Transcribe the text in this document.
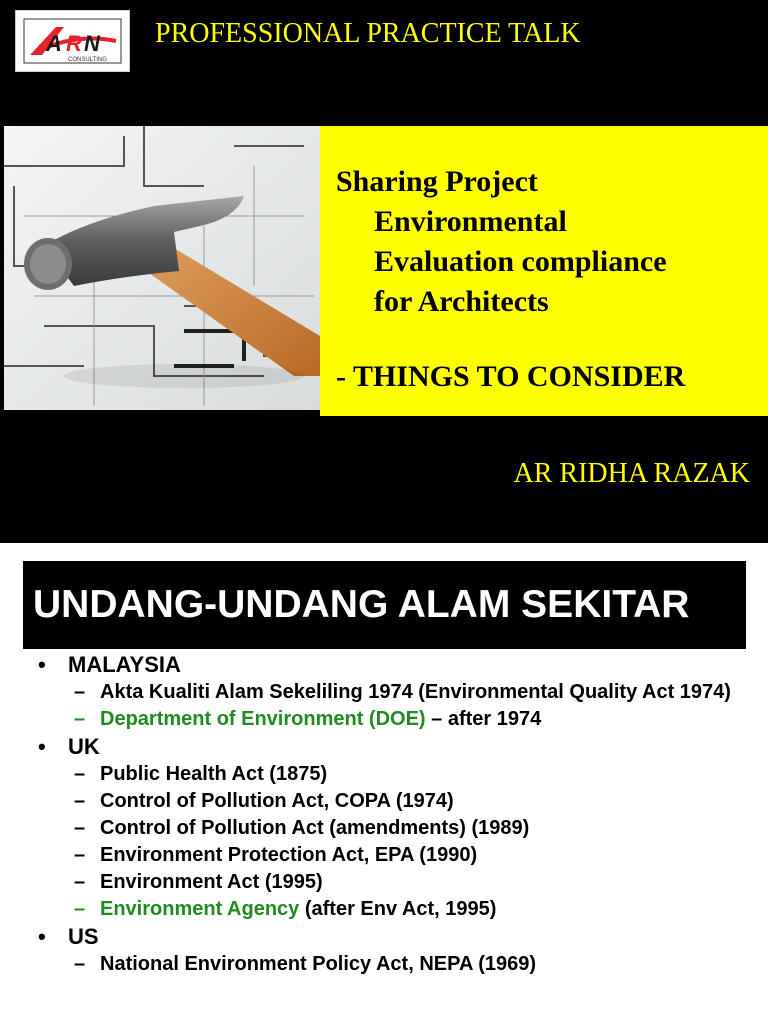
A R N
CONSULTING
PROFESSIONAL PRACTICE TALK
Sharing Project
Environmental
Evaluation compliance
for Architects
- THINGS TO CONSIDER
AR RIDHA RAZAK
UNDANG-UNDANG ALAM SEKITAR
• MALAYSIA
– Akta Kualiti Alam Sekeliling 1974 (Environmental Quality Act 1974)
– Department of Environment (DOE) – after 1974
• UK
– Public Health Act (1875)
– Control of Pollution Act, COPA (1974)
– Control of Pollution Act (amendments) (1989)
– Environment Protection Act, EPA (1990)
– Environment Act (1995)
– Environment Agency (after Env Act, 1995)
• US
– National Environment Policy Act, NEPA (1969)
